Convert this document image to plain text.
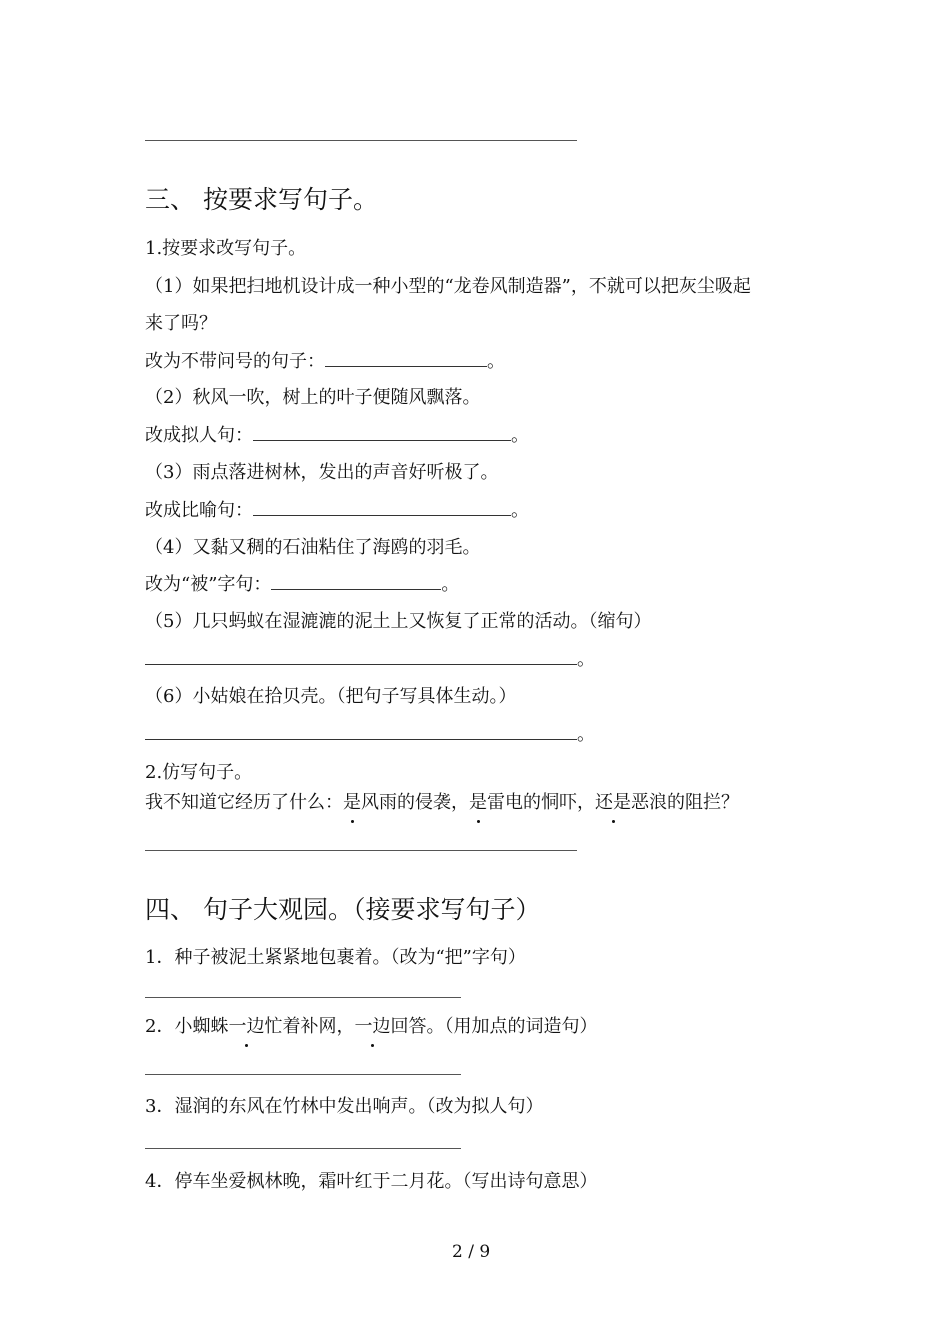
三、 按要求写句子。
1.按要求改写句子。
（1）如果把扫地机设计成一种小型的“龙卷风制造器”，不就可以把灰尘吸起
来了吗？
改为不带问号的句子：	。
（2）秋风一吹，树上的叶子便随风飘落。
改成拟人句：	。
（3）雨点落进树林，发出的声音好听极了。
改成比喻句：	。
（4）又黏又稠的石油粘住了海鸥的羽毛。
改为“被”字句：	。
（5）几只蚂蚁在湿漉漉的泥土上又恢复了正常的活动。（缩句）
。
（6）小姑娘在拾贝壳。（把句子写具体生动。）
。
2.仿写句子。
我不知道它经历了什么：是风雨的侵袭，是雷电的恫吓，还是恶浪的阻拦？
四、 句子大观园。（接要求写句子）
1．种子被泥土紧紧地包裹着。（改为“把”字句）
2．小蜘蛛一边忙着补网，一边回答。（用加点的词造句）
3．湿润的东风在竹林中发出响声。（改为拟人句）
4．停车坐爱枫林晚，霜叶红于二月花。（写出诗句意思）
2 / 9
